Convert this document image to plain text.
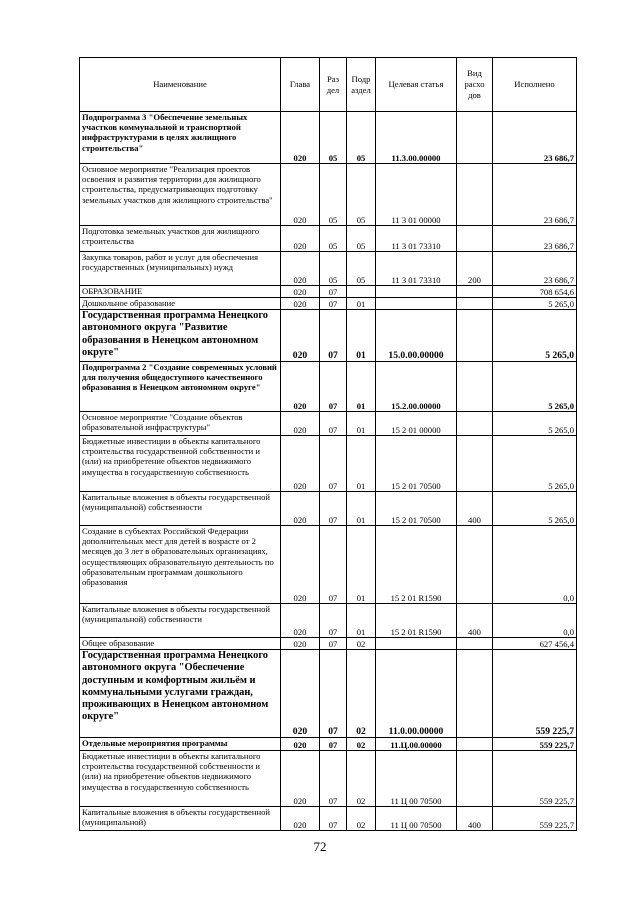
Наименование	Глава	Раз дел	Подр аздел	Целевая статья	Вид расхо дов	Исполнено
Подпрограмма 3 "Обеспечение земельных участков коммунальной и транспортной инфраструктурами в целях жилищного строительства"	020	05	05	11.3.00.00000		23 686,7
Основное мероприятие "Реализация проектов освоения и развития территории для жилищного строительства, предусматривающих подготовку земельных участков для жилищного строительства"	020	05	05	11 3 01 00000		23 686,7
Подготовка земельных участков для жилищного строительства	020	05	05	11 3 01 73310		23 686,7
Закупка товаров, работ и услуг для обеспечения государственных (муниципальных) нужд	020	05	05	11 3 01 73310	200	23 686,7
ОБРАЗОВАНИЕ	020	07				708 654,6
Дошкольное образование	020	07	01			5 265,0
Государственная программа Ненецкого автономного округа "Развитие образования в Ненецком автономном округе"	020	07	01	15.0.00.00000		5 265,0
Подпрограмма 2 "Создание современных условий для получения общедоступного качественного образования в Ненецком автономном округе"	020	07	01	15.2.00.00000		5 265,0
Основное мероприятие "Создание объектов образовательной инфраструктуры"	020	07	01	15 2 01 00000		5 265,0
Бюджетные инвестиции в объекты капитального строительства государственной собственности и (или) на приобретение объектов недвижимого имущества в государственную собственность	020	07	01	15 2 01 70500		5 265,0
Капитальные вложения в объекты государственной (муниципальной) собственности	020	07	01	15 2 01 70500	400	5 265,0
Создание в субъектах Российской Федерации дополнительных мест для детей в возрасте от 2 месяцев до 3 лет в образовательных организациях, осуществляющих образовательную деятельность по образовательным программам дошкольного образования	020	07	01	15 2 01 R1590		0,0
Капитальные вложения в объекты государственной (муниципальной) собственности	020	07	01	15 2 01 R1590	400	0,0
Общее образование	020	07	02			627 456,4
Государственная программа Ненецкого автономного округа "Обеспечение доступным и комфортным жильём и коммунальными услугами граждан, проживающих в Ненецком автономном округе"	020	07	02	11.0.00.00000		559 225,7
Отдельные мероприятия программы	020	07	02	11.Ц.00.00000		559 225,7
Бюджетные инвестиции в объекты капитального строительства государственной собственности и (или) на приобретение объектов недвижимого имущества в государственную собственность	020	07	02	11 Ц 00 70500		559 225,7
Капитальные вложения в объекты государственной (муниципальной)	020	07	02	11 Ц 00 70500	400	559 225,7
72
